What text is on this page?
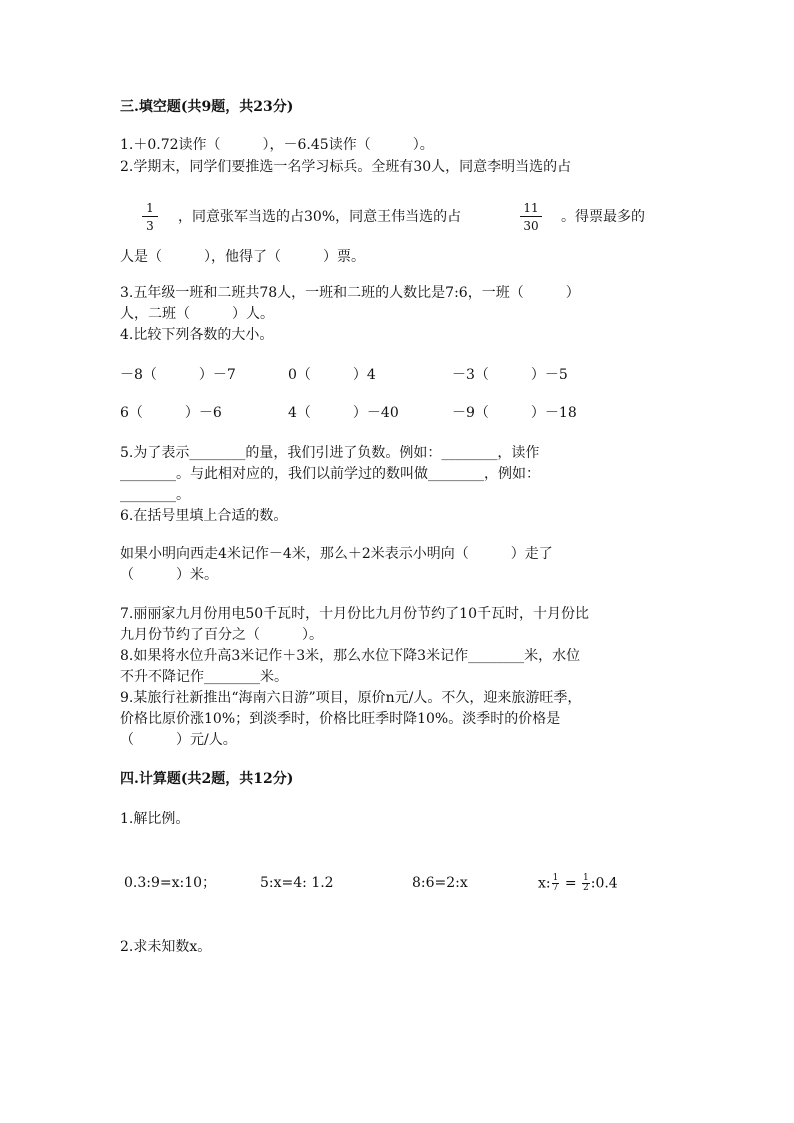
三.填空题(共9题，共23分)
1.＋0.72读作（　　　），－6.45读作（　　　）。
2.学期末，同学们要推选一名学习标兵。全班有30人，同意李明当选的占
$\frac{1}{3}$ ，同意张军当选的占30%，同意王伟当选的占	$\frac{11}{30}$ 。得票最多的
人是（　　　），他得了（　　　）票。
3.五年级一班和二班共78人，一班和二班的人数比是7:6，一班（　　　）
人，二班（　　　）人。
4.比较下列各数的大小。
－8（　　　）－7	0（　　　）4	－3（　　　）－5
6（　　　）－6	4（　　　）－40	－9（　　　）－18
5.为了表示________的量，我们引进了负数。例如：________，读作
________。与此相对应的，我们以前学过的数叫做________，例如：
________。
6.在括号里填上合适的数。
如果小明向西走4米记作－4米，那么＋2米表示小明向（　　　）走了
（　　　）米。
7.丽丽家九月份用电50千瓦时，十月份比九月份节约了10千瓦时，十月份比
九月份节约了百分之（　　　）。
8.如果将水位升高3米记作＋3米，那么水位下降3米记作________米，水位
不升不降记作________米。
9.某旅行社新推出“海南六日游”项目，原价n元/人。不久，迎来旅游旺季，
价格比原价涨10%；到淡季时，价格比旺季时降10%。淡季时的价格是
（　　　）元/人。
四.计算题(共2题，共12分)
1.解比例。
0.3:9=x:10；	5:x=4: 1.2	8:6=2:x	x: $\frac{1}{7} = \frac{1}{2}$ :0.4
2.求未知数x。
